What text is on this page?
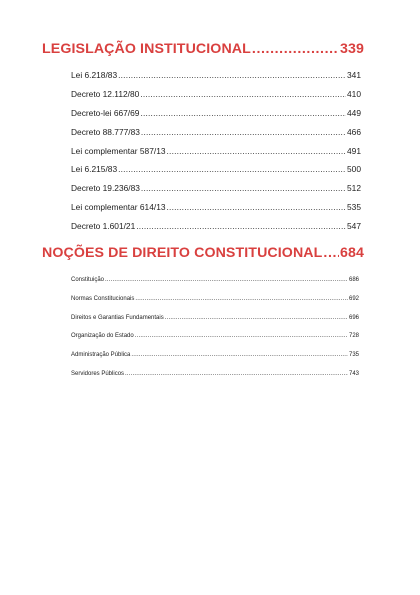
LEGISLAÇÃO INSTITUCIONAL .....	339
Lei 6.218/83 .....	341
Decreto 12.112/80 .....	410
Decreto-lei 667/69 .....	449
Decreto 88.777/83 .....	466
Lei complementar 587/13 .....	491
Lei 6.215/83 .....	500
Decreto 19.236/83 .....	512
Lei complementar 614/13 .....	535
Decreto 1.601/21 .....	547
NOÇÕES DE DIREITO CONSTITUCIONAL ..... 684
Constituição .....	686
Normas Constitucionais .....	692
Direitos e Garantias Fundamentais .....	696
Organização do Estado .....	728
Administração Pública .....	735
Servidores Públicos .....	743
